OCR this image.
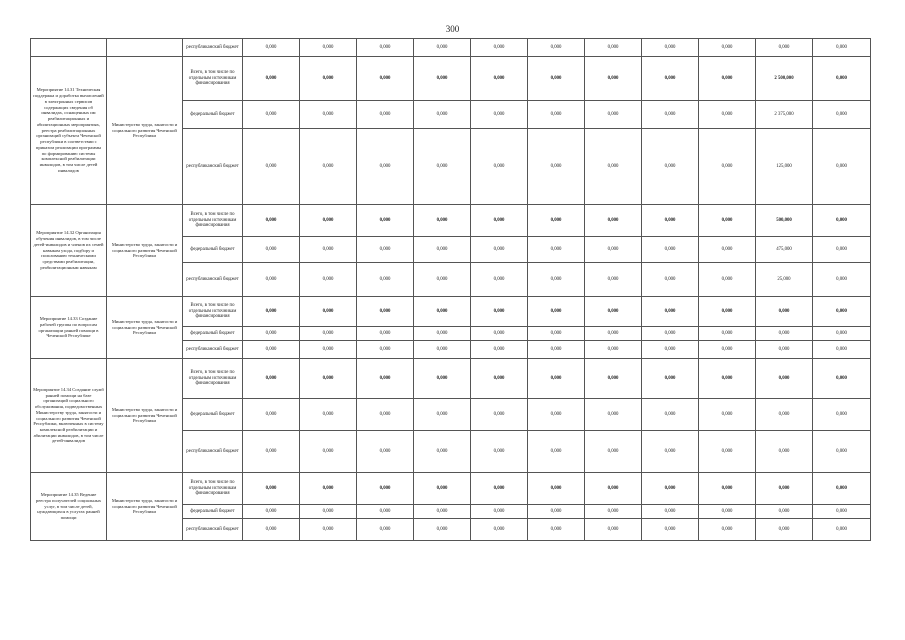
300
		республиканский бюджет	0,000	0,000	0,000	0,000	0,000	0,000	0,000	0,000	0,000	0,000	0,000
Мероприятие 14.31 Техническая поддержка и доработка вычислений в электронных сервисов содержащих сведения об инвалидах, оснащенных им реабилитационных и абилитационных мероприятиях, реестра реабилитационных организаций субъекта Чеченской республики в соответствии с приказом реализации программы по формированию системы комплексной реабилитации инвалидов, в том числе детей инвалидов	Министерство труда, занятости и социального развития Чеченской Республики	Всего, в том числе по отдельным источникам финансирования	0,000	0,000	0,000	0,000	0,000	0,000	0,000	0,000	0,000	2 500,000	0,000
		федеральный бюджет	0,000	0,000	0,000	0,000	0,000	0,000	0,000	0,000	0,000	2 375,000	0,000
		республиканский бюджет	0,000	0,000	0,000	0,000	0,000	0,000	0,000	0,000	0,000	125,000	0,000
Мероприятие 14.32 Организация обучения инвалидов, в том числе детей-инвалидов и членов их семей навыкам ухода, подбору и пользованию техническими средствами реабилитации, реабилитационным навыкам	Министерство труда, занятости и социального развития Чеченской Республики	Всего, в том числе по отдельным источникам финансирования	0,000	0,000	0,000	0,000	0,000	0,000	0,000	0,000	0,000	500,000	0,000
		федеральный бюджет	0,000	0,000	0,000	0,000	0,000	0,000	0,000	0,000	0,000	475,000	0,000
		республиканский бюджет	0,000	0,000	0,000	0,000	0,000	0,000	0,000	0,000	0,000	25,000	0,000
Мероприятие 14.33 Создание рабочей группы по вопросам организации ранней помощи в Чеченской Республике	Министерство труда, занятости и социального развития Чеченской Республики	Всего, в том числе по отдельным источникам финансирования	0,000	0,000	0,000	0,000	0,000	0,000	0,000	0,000	0,000	0,000	0,000
		федеральный бюджет	0,000	0,000	0,000	0,000	0,000	0,000	0,000	0,000	0,000	0,000	0,000
		республиканский бюджет	0,000	0,000	0,000	0,000	0,000	0,000	0,000	0,000	0,000	0,000	0,000
Мероприятие 14.34 Создание служб ранней помощи на базе организаций социального обслуживания, подведомственных Министерству труда, занятости и социального развития Чеченской Республики, включенных в систему комплексной реабилитации и абилитации инвалидов, в том числе детей-инвалидов	Министерство труда, занятости и социального развития Чеченской Республики	Всего, в том числе по отдельным источникам финансирования	0,000	0,000	0,000	0,000	0,000	0,000	0,000	0,000	0,000	0,000	0,000
		федеральный бюджет	0,000	0,000	0,000	0,000	0,000	0,000	0,000	0,000	0,000	0,000	0,000
		республиканский бюджет	0,000	0,000	0,000	0,000	0,000	0,000	0,000	0,000	0,000	0,000	0,000
Мероприятие 14.35 Ведение реестра получателей социальных услуг, в том числе детей, нуждающихся в услугах ранней помощи	Министерство труда, занятости и социального развития Чеченской Республики	Всего, в том числе по отдельным источникам финансирования	0,000	0,000	0,000	0,000	0,000	0,000	0,000	0,000	0,000	0,000	0,000
		федеральный бюджет	0,000	0,000	0,000	0,000	0,000	0,000	0,000	0,000	0,000	0,000	0,000
		республиканский бюджет	0,000	0,000	0,000	0,000	0,000	0,000	0,000	0,000	0,000	0,000	0,000
